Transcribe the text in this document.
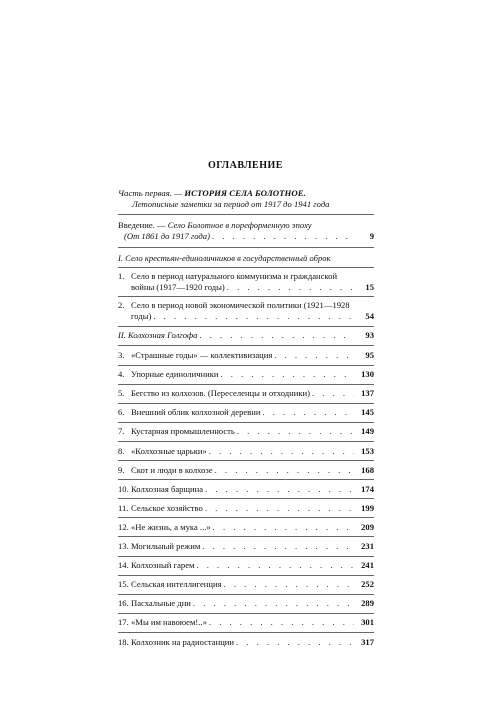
ОГЛАВЛЕНИЕ
Часть первая. — ИСТОРИЯ СЕЛА БОЛОТНОЕ.
Летописные заметки за период от 1917 до 1941 года
Введение. — Село Болотное в пореформенную эпоху
(От 1861 до 1917 года) . . .	9
I. Село крестьян-единоличников в государственный оброк
1. Село в период натурального коммунизма и гражданской
войны (1917—1920 годы) . . .	15
2. Село в период новой экономической политики (1921—1928
годы) . . .	54
II. Колхозная Голгофа . . .	93
3. «Страшные годы» — коллективизация . . .	95
4. Упорные единоличники . . .	130
5. Бегство из колхозов. (Переселенцы и отходники) . . .	137
6. Внешний облик колхозной деревни . . .	145
7. Кустарная промышленность . . .	149
8. «Колхозные царьки» . . .	153
9. Скот и люди в колхозе . . .	168
10. Колхозная барщина . . .	174
11. Сельское хозяйство . . .	199
12. «Не жизнь, а мука ...» . . .	209
13. Могильный режим . . .	231
14. Колхозный гарем . . .	241
15. Сельская интеллигенция . . .	252
16. Пасхальные дни . . .	289
17. «Мы им навоюем!..» . . .	301
18. Колхозник на радиостанции . . .	317
